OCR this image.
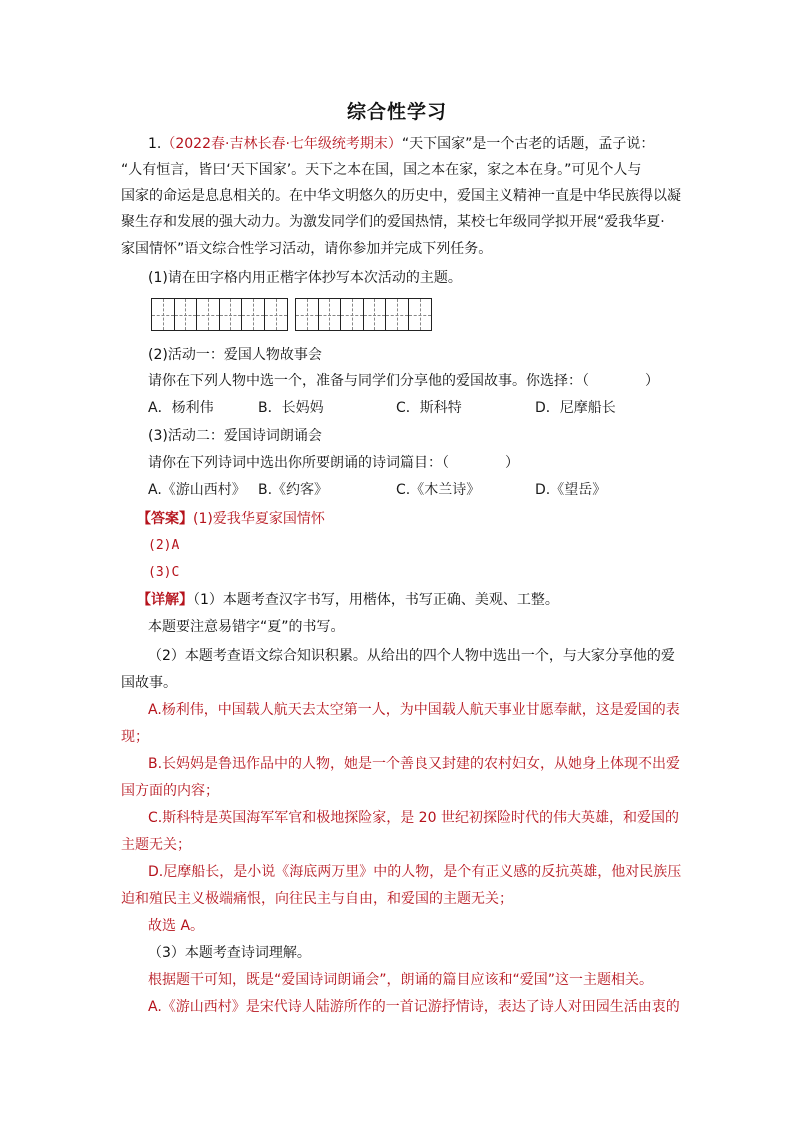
综合性学习
1.（2022春·吉林长春·七年级统考期末）“天下国家”是一个古老的话题，孟子说：
“人有恒言，皆曰‘天下国家’。天下之本在国，国之本在家，家之本在身。”可见个人与
国家的命运是息息相关的。在中华文明悠久的历史中，爱国主义精神一直是中华民族得以凝
聚生存和发展的强大动力。为激发同学们的爱国热情，某校七年级同学拟开展“爱我华夏·
家国情怀”语文综合性学习活动，请你参加并完成下列任务。
(1)请在田字格内用正楷字体抄写本次活动的主题。
(2)活动一：爱国人物故事会
请你在下列人物中选一个，准备与同学们分享他的爱国故事。你选择：（　　　　）
A．杨利伟	B．长妈妈	C．斯科特	D．尼摩船长
(3)活动二：爱国诗词朗诵会
请你在下列诗词中选出你所要朗诵的诗词篇目：（　　　　）
A.《游山西村》 B.《约客》	C.《木兰诗》	D.《望岳》
【答案】(1)爱我华夏家国情怀
(2)A
(3)C
【详解】（1）本题考查汉字书写，用楷体，书写正确、美观、工整。
本题要注意易错字“夏”的书写。
（2）本题考查语文综合知识积累。从给出的四个人物中选出一个，与大家分享他的爱
国故事。
A.杨利伟，中国载人航天去太空第一人，为中国载人航天事业甘愿奉献，这是爱国的表
现；
B.长妈妈是鲁迅作品中的人物，她是一个善良又封建的农村妇女，从她身上体现不出爱
国方面的内容；
C.斯科特是英国海军军官和极地探险家，是 20 世纪初探险时代的伟大英雄，和爱国的
主题无关；
D.尼摩船长，是小说《海底两万里》中的人物，是个有正义感的反抗英雄，他对民族压
迫和殖民主义极端痛恨，向往民主与自由，和爱国的主题无关；
故选 A。
（3）本题考查诗词理解。
根据题干可知，既是“爱国诗词朗诵会”，朗诵的篇目应该和“爱国”这一主题相关。
A.《游山西村》是宋代诗人陆游所作的一首记游抒情诗，表达了诗人对田园生活由衷的
